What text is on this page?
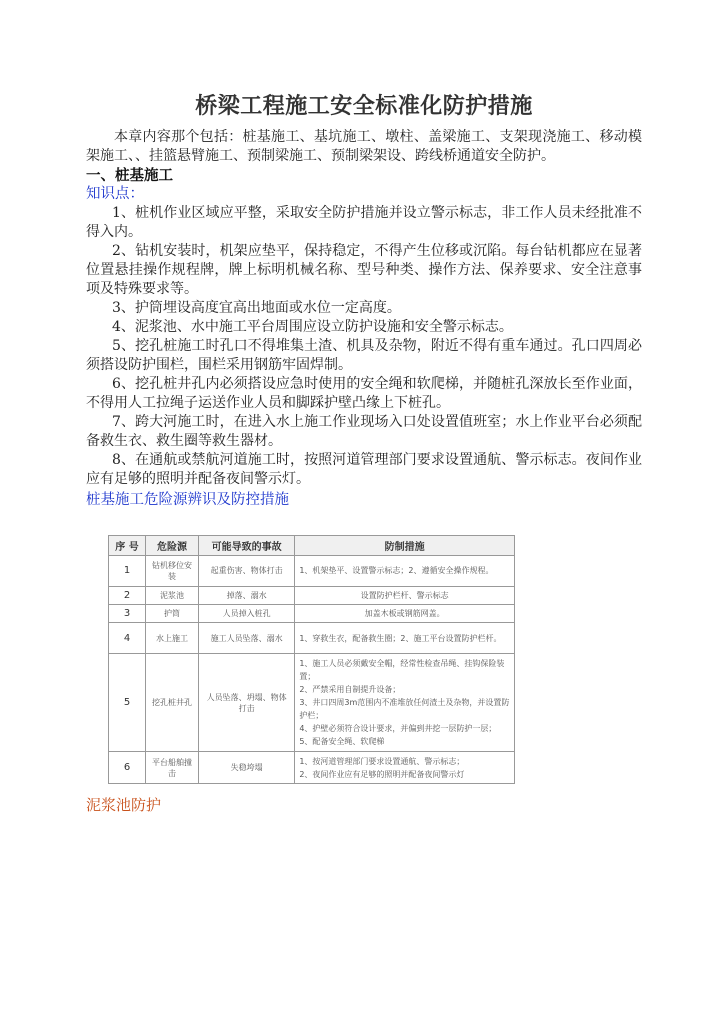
桥梁工程施工安全标准化防护措施

本章内容那个包括：桩基施工、基坑施工、墩柱、盖梁施工、支架现浇施工、移动模架施工、、挂篮悬臂施工、预制梁施工、预制梁架设、跨线桥通道安全防护。

一、桩基施工

知识点：

1、桩机作业区域应平整，采取安全防护措施并设立警示标志，非工作人员未经批准不得入内。

2、钻机安装时，机架应垫平，保持稳定，不得产生位移或沉陷。每台钻机都应在显著位置悬挂操作规程牌，牌上标明机械名称、型号种类、操作方法、保养要求、安全注意事项及特殊要求等。

3、护筒埋设高度宜高出地面或水位一定高度。

4、泥浆池、水中施工平台周围应设立防护设施和安全警示标志。

5、挖孔桩施工时孔口不得堆集土渣、机具及杂物，附近不得有重车通过。孔口四周必须搭设防护围栏，围栏采用钢筋牢固焊制。

6、挖孔桩井孔内必须搭设应急时使用的安全绳和软爬梯，并随桩孔深放长至作业面，不得用人工拉绳子运送作业人员和脚踩护壁凸缘上下桩孔。

7、跨大河施工时，在进入水上施工作业现场入口处设置值班室；水上作业平台必须配备救生衣、救生圈等救生器材。

8、在通航或禁航河道施工时，按照河道管理部门要求设置通航、警示标志。夜间作业应有足够的照明并配备夜间警示灯。

桩基施工危险源辨识及防控措施

序 号	危险源	可能导致的事故	防制措施
1	钻机移位安装	起重伤害、物体打击	1、机架垫平、设置警示标志；2、遵循安全操作规程。

2	泥浆池	掉落、溺水	设置防护栏杆、警示标志

3	护筒	人员掉入桩孔	加盖木板或钢筋网盖。

4	水上施工	施工人员坠落、溺水	1、穿救生衣，配备救生圈；2、施工平台设置防护栏杆。

5	挖孔桩井孔	人员坠落、坍塌、物体打击	1、施工人员必须戴安全帽，经常性检查吊绳、挂钩保险装置；
2、严禁采用自制提升设备；
3、井口四周3m范围内不准堆放任何渣土及杂物，并设置防护栏；
4、护壁必须符合设计要求，并偏到井挖一层防护一层；
5、配备安全绳、软爬梯

6	平台船舶撞击	失稳垮塌	1、按河道管理部门要求设置通航、警示标志；
2、夜间作业应有足够的照明并配备夜间警示灯
泥浆池防护
